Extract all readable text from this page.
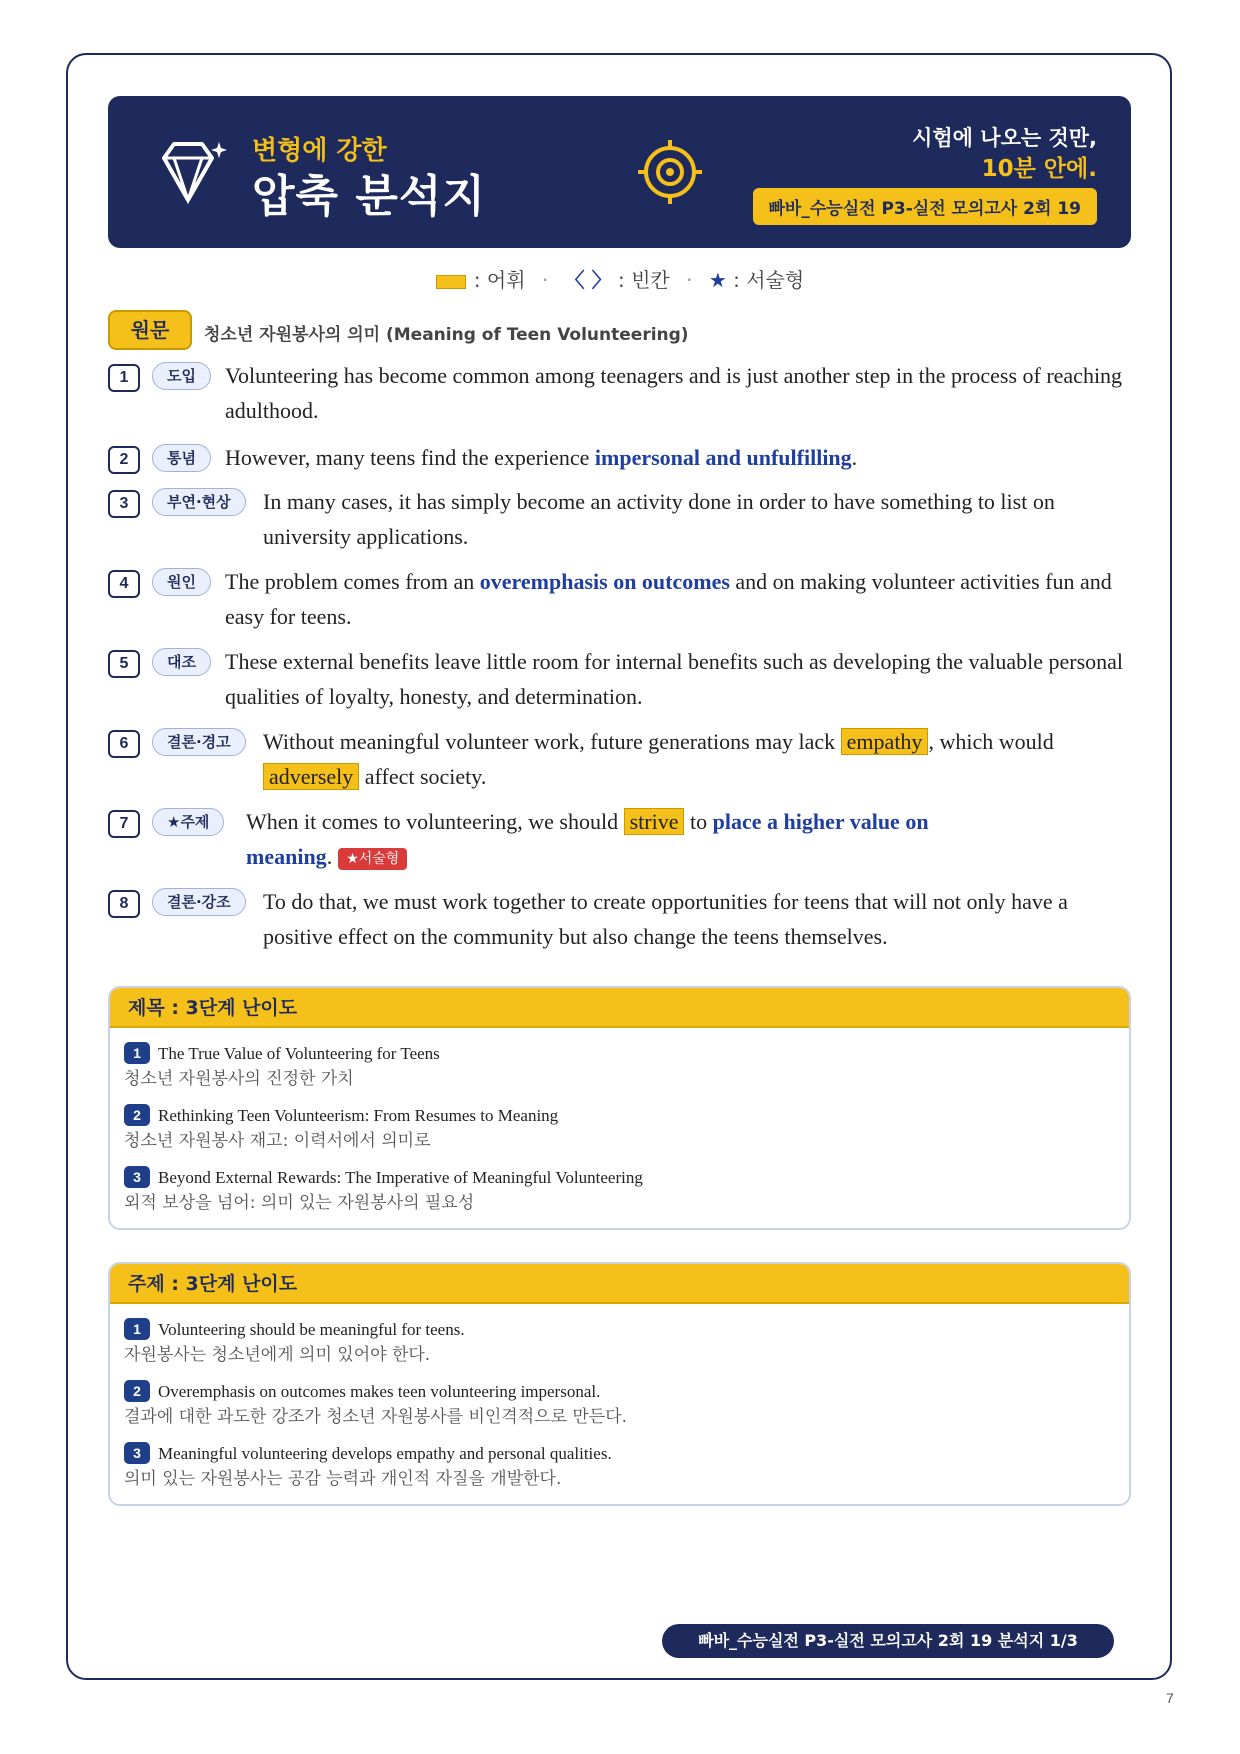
변형에 강한
압축 분석지
시험에 나오는 것만,
10분 안에.
빠바_수능실전 P3-실전 모의고사 2회 19
: 어휘 · 〈 〉 : 빈칸 · ★ : 서술형
원문	청소년 자원봉사의 의미 (Meaning of Teen Volunteering)
1	도입	Volunteering has become common among teenagers and is just another step in the process of reaching adulthood.
2	통념	However, many teens find the experience impersonal and unfulfilling.
3	부연·현상	In many cases, it has simply become an activity done in order to have something to list on university applications.
4	원인	The problem comes from an overemphasis on outcomes and on making volunteer activities fun and easy for teens.
5	대조	These external benefits leave little room for internal benefits such as developing the valuable personal qualities of loyalty, honesty, and determination.
6	결론·경고	Without meaningful volunteer work, future generations may lack empathy , which would adversely affect society.
7	★주제	When it comes to volunteering, we should strive to place a higher value on meaning. ★서술형
8	결론·강조	To do that, we must work together to create opportunities for teens that will not only have a positive effect on the community but also change the teens themselves.
제목 : 3단계 난이도
1 The True Value of Volunteering for Teens
청소년 자원봉사의 진정한 가치
2 Rethinking Teen Volunteerism: From Resumes to Meaning
청소년 자원봉사 재고: 이력서에서 의미로
3 Beyond External Rewards: The Imperative of Meaningful Volunteering
외적 보상을 넘어: 의미 있는 자원봉사의 필요성
주제 : 3단계 난이도
1 Volunteering should be meaningful for teens.
자원봉사는 청소년에게 의미 있어야 한다.
2 Overemphasis on outcomes makes teen volunteering impersonal.
결과에 대한 과도한 강조가 청소년 자원봉사를 비인격적으로 만든다.
3 Meaningful volunteering develops empathy and personal qualities.
의미 있는 자원봉사는 공감 능력과 개인적 자질을 개발한다.
빠바_수능실전 P3-실전 모의고사 2회 19 분석지 1/3
7
